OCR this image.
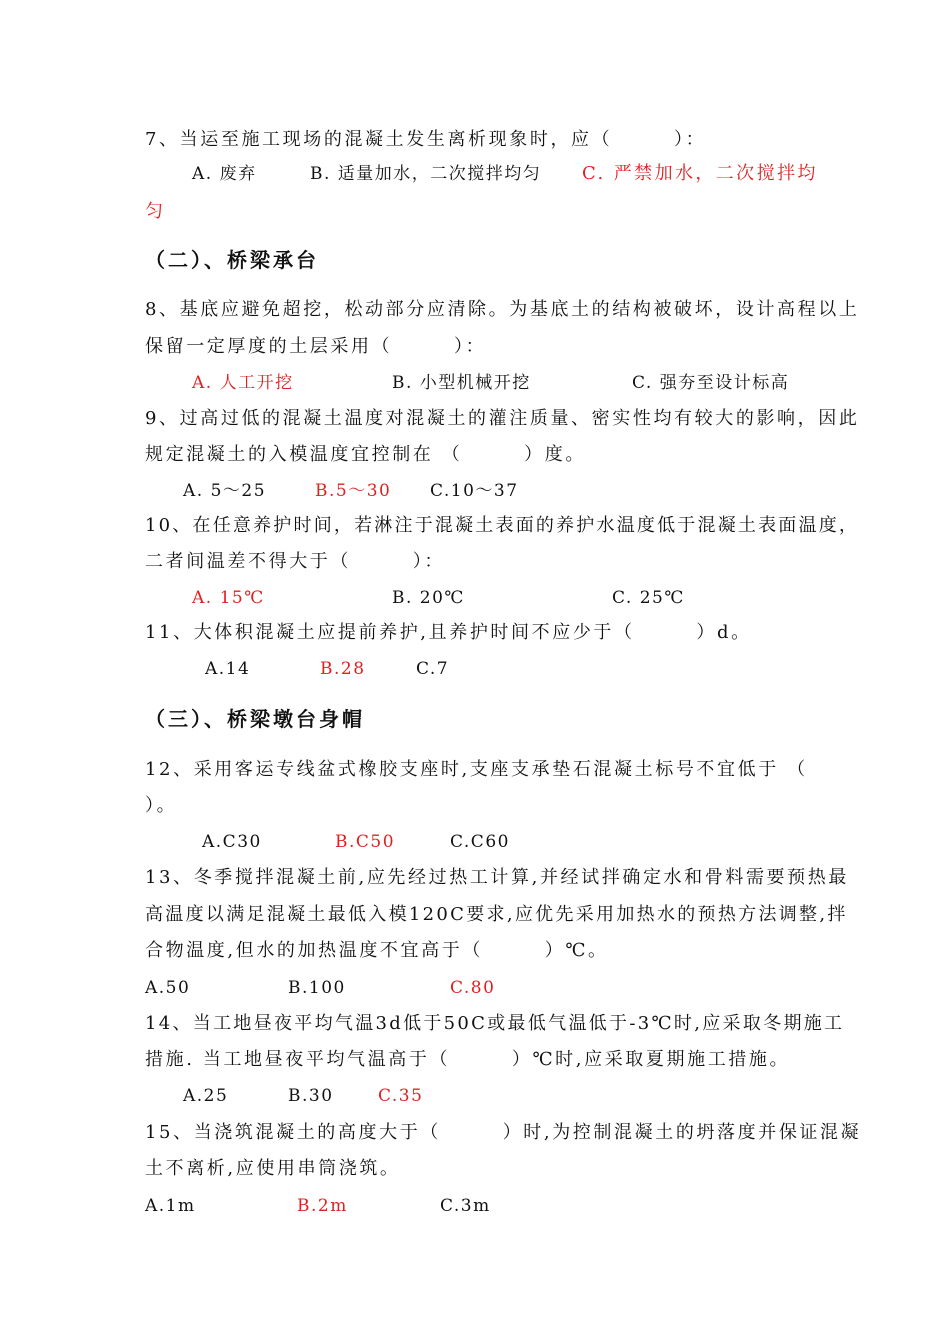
7、当运至施工现场的混凝土发生离析现象时，应（　　　）：
A. 废弃	B. 适量加水，二次搅拌均匀 C. 严禁加水，二次搅拌均
匀
（二）、桥梁承台
8、基底应避免超挖，松动部分应清除。为基底土的结构被破坏，设计高程以上
保留一定厚度的土层采用（　　　）：
A. 人工开挖	B. 小型机械开挖	C. 强夯至设计标高
9、过高过低的混凝土温度对混凝土的灌注质量、密实性均有较大的影响，因此
规定混凝土的入模温度宜控制在 （　　　）度。
A. 5～25	B.5～30 C.10～37
10、在任意养护时间，若淋注于混凝土表面的养护水温度低于混凝土表面温度，
二者间温差不得大于（　　　）：
A. 15℃	B. 20℃	C. 25℃
11、大体积混凝土应提前养护,且养护时间不应少于（　　　）d。
A.14	B.28	C.7
（三）、桥梁墩台身帽
12、采用客运专线盆式橡胶支座时,支座支承垫石混凝土标号不宜低于 （
）。
A.C30	B.C50	C.C60
13、冬季搅拌混凝土前,应先经过热工计算,并经试拌确定水和骨料需要预热最
高温度以满足混凝土最低入模120C要求,应优先采用加热水的预热方法调整,拌
合物温度,但水的加热温度不宜高于（　　　）℃。
A.50	B.100	C.80
14、当工地昼夜平均气温3d低于50C或最低气温低于-3℃时,应采取冬期施工
措施. 当工地昼夜平均气温高于（　　　）℃时,应采取夏期施工措施。
A.25	B.30	C.35
15、当浇筑混凝土的高度大于（　　　）时,为控制混凝土的坍落度并保证混凝
土不离析,应使用串筒浇筑。
A.1m	B.2m	C.3m
